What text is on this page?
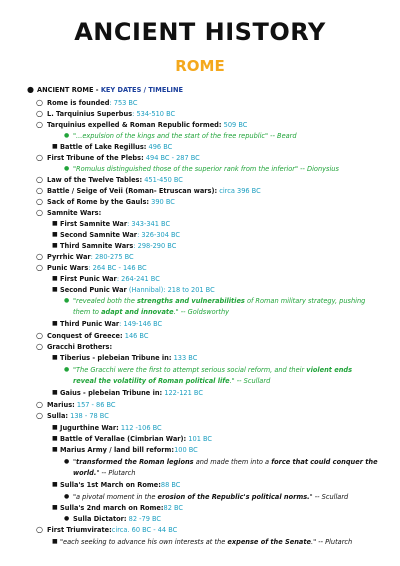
ANCIENT HISTORY
ROME
●
ANCIENT ROME - KEY DATES / TIMELINE
○
Rome is founded: 753 BC
○
L. Tarquinius Superbus: 534-510 BC
○
Tarquinius expelled & Roman Republic formed: 509 BC
●
"...expulsion of the kings and the start of the free republic" -- Beard
■
Battle of Lake Regillus: 496 BC
○
First Tribune of the Plebs: 494 BC - 287 BC
●
"Romulus distinguished those of the superior rank from the inferior" -- Dionysius
○
Law of the Twelve Tables: 451-450 BC
○
Battle / Seige of Veii (Roman- Etruscan wars): circa 396 BC
○
Sack of Rome by the Gauls: 390 BC
○
Samnite Wars:
■
First Samnite War: 343-341 BC
■
Second Samnite War: 326-304 BC
■
Third Samnite Wars: 298-290 BC
○
Pyrrhic War: 280-275 BC
○
Punic Wars: 264 BC - 146 BC
■
First Punic War: 264-241 BC
■
Second Punic War (Hannibal): 218 to 201 BC
●
"revealed both the strengths and vulnerabilities of Roman military strategy, pushing
them to adapt and innovate." -- Goldsworthy
■
Third Punic War: 149-146 BC
○
Conquest of Greece: 146 BC
○
Gracchi Brothers:
■
Tiberius - plebeian Tribune in: 133 BC
●
"The Gracchi were the first to attempt serious social reform, and their violent ends
reveal the volatility of Roman political life." -- Scullard
■
Gaius - plebeian Tribune in: 122-121 BC
○
Marius: 157 - 86 BC
○
Sulla: 138 - 78 BC
■
Jugurthine War: 112 -106 BC
■
Battle of Verallae (Cimbrian War): 101 BC
■
Marius Army / land bill reform:100 BC
●
"transformed the Roman legions and made them into a force that could conquer the
world." -- Plutarch
■
Sulla's 1st March on Rome:88 BC
●
"a pivotal moment in the erosion of the Republic's political norms." -- Scullard
■
Sulla's 2nd march on Rome:82 BC
●
Sulla Dictator: 82 -79 BC
○
First Triumvirate:circa. 60 BC - 44 BC
■
"each seeking to advance his own interests at the expense of the Senate." -- Plutarch
